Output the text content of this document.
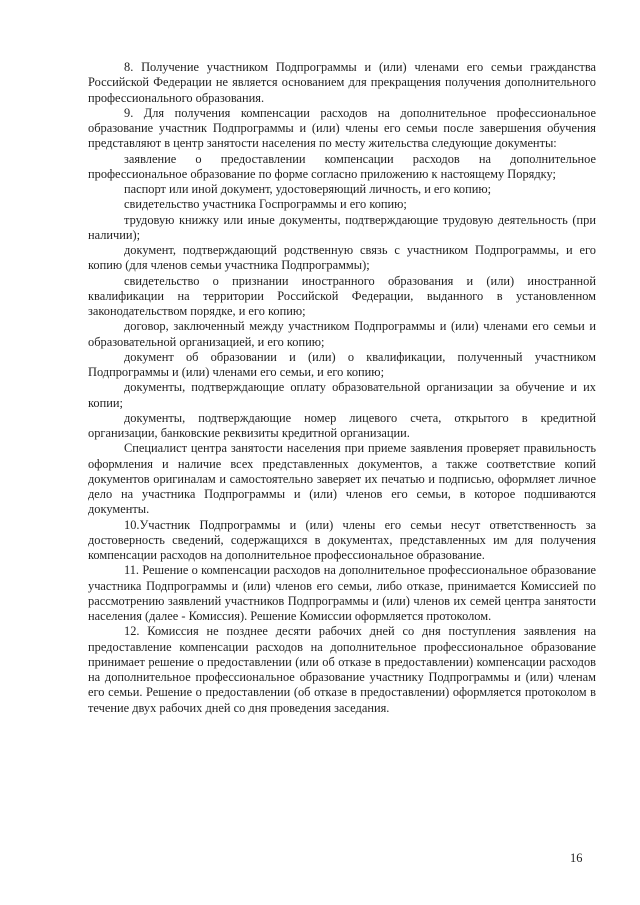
8. Получение участником Подпрограммы и (или) членами его семьи гражданства Российской Федерации не является основанием для прекращения получения дополнительного профессионального образования.

9. Для получения компенсации расходов на дополнительное профессиональное образование участник Подпрограммы и (или) члены его семьи после завершения обучения представляют в центр занятости населения по месту жительства следующие документы:

заявление о предоставлении компенсации расходов на дополнительное профессиональное образование по форме согласно приложению к настоящему Порядку;

паспорт или иной документ, удостоверяющий личность, и его копию;

свидетельство участника Госпрограммы и его копию;

трудовую книжку или иные документы, подтверждающие трудовую деятельность (при наличии);

документ, подтверждающий родственную связь с участником Подпрограммы, и его копию (для членов семьи участника Подпрограммы);

свидетельство о признании иностранного образования и (или) иностранной квалификации на территории Российской Федерации, выданного в установленном законодательством порядке, и его копию;

договор, заключенный между участником Подпрограммы и (или) членами его семьи и образовательной организацией, и его копию;

документ об образовании и (или) о квалификации, полученный участником Подпрограммы и (или) членами его семьи, и его копию;

документы, подтверждающие оплату образовательной организации за обучение и их копии;

документы, подтверждающие номер лицевого счета, открытого в кредитной организации, банковские реквизиты кредитной организации.

Специалист центра занятости населения при приеме заявления проверяет правильность оформления и наличие всех представленных документов, а также соответствие копий документов оригиналам и самостоятельно заверяет их печатью и подписью, оформляет личное дело на участника Подпрограммы и (или) членов его семьи, в которое подшиваются документы.

10.Участник Подпрограммы и (или) члены его семьи несут ответственность за достоверность сведений, содержащихся в документах, представленных им для получения компенсации расходов на дополнительное профессиональное образование.

11. Решение о компенсации расходов на дополнительное профессиональное образование участника Подпрограммы и (или) членов его семьи, либо отказе, принимается Комиссией по рассмотрению заявлений участников Подпрограммы и (или) членов их семей центра занятости населения (далее - Комиссия). Решение Комиссии оформляется протоколом.

12. Комиссия не позднее десяти рабочих дней со дня поступления заявления на предоставление компенсации расходов на дополнительное профессиональное образование принимает решение о предоставлении (или об отказе в предоставлении) компенсации расходов на дополнительное профессиональное образование участнику Подпрограммы и (или) членам его семьи. Решение о предоставлении (об отказе в предоставлении) оформляется протоколом в течение двух рабочих дней со дня проведения заседания.

16
